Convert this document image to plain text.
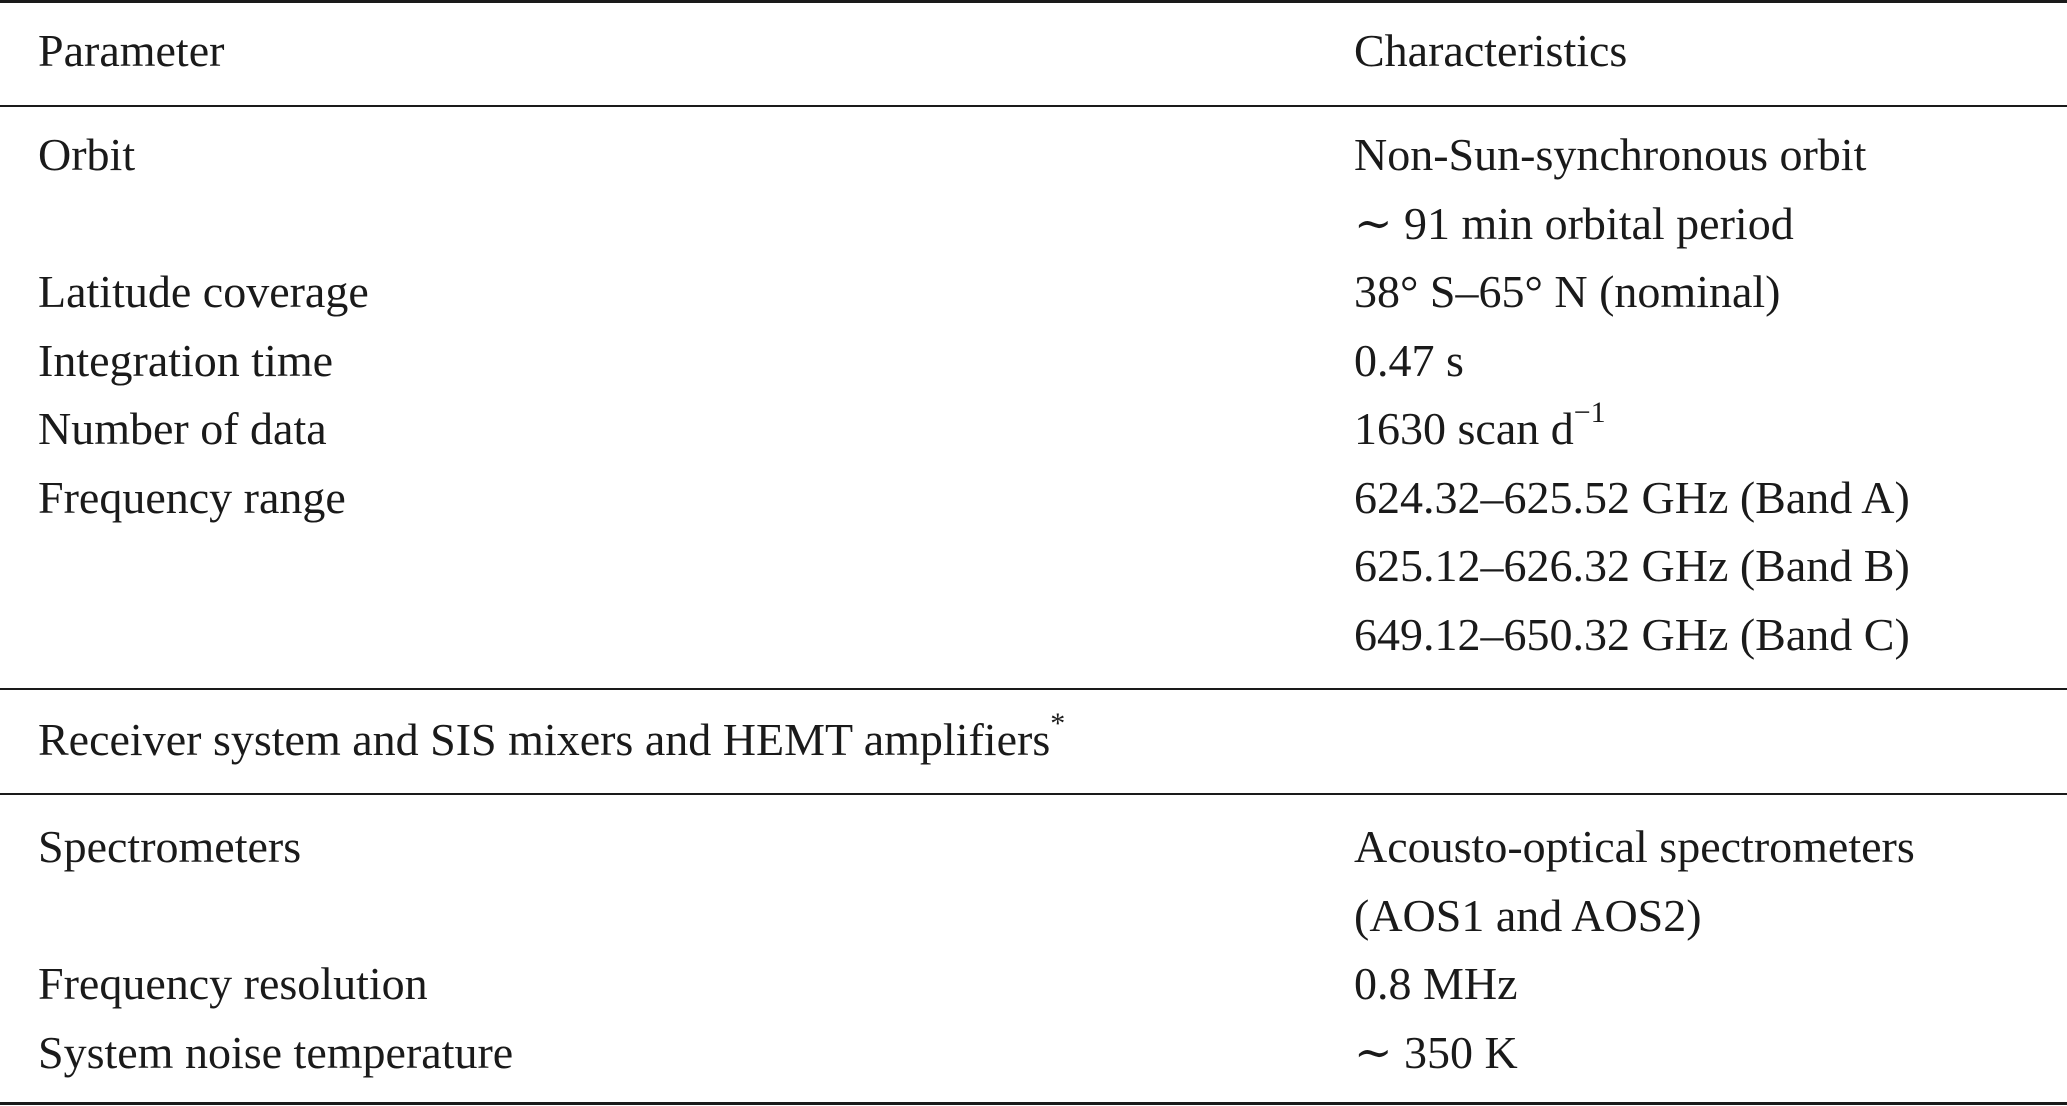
Parameter	Characteristics
Orbit

Latitude coverage
Integration time
Number of data
Frequency range
Non-Sun-synchronous orbit
∼ 91 min orbital period
38° S–65° N (nominal)
0.47 s
1630 scan $d^{-1}$
624.32–625.52 GHz (Band A)
625.12–626.32 GHz (Band B)
649.12–650.32 GHz (Band C)
Receiver system and SIS mixers and HEMT amplifiers*
Spectrometers

Frequency resolution
System noise temperature
Acousto-optical spectrometers
(AOS1 and AOS2)
0.8 MHz
∼ 350 K
